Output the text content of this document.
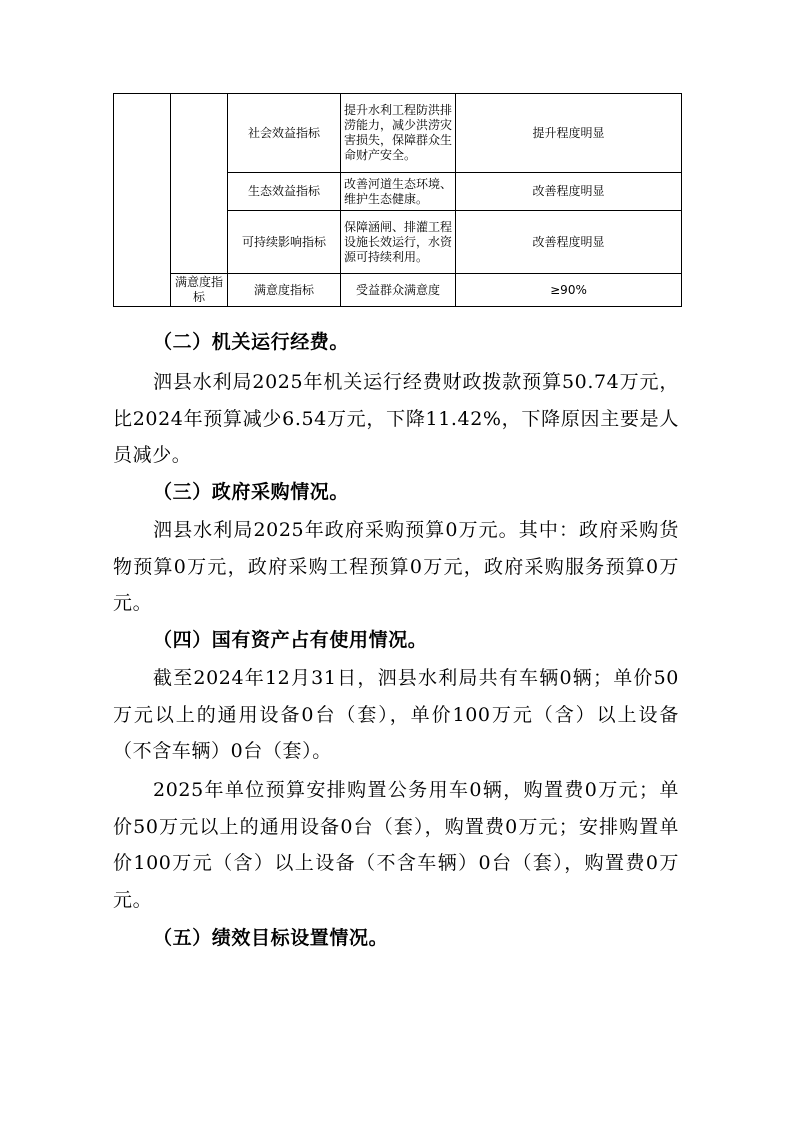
		社会效益指标	提升水利工程防洪排涝能力，减少洪涝灾害损失，保障群众生命财产安全。	提升程度明显
		生态效益指标	改善河道生态环境、维护生态健康。	改善程度明显
		可持续影响指标	保障涵闸、排灌工程设施长效运行，水资源可持续利用。	改善程度明显
	满意度指标	满意度指标	受益群众满意度	≥90%
（二）机关运行经费。

泗县水利局2025年机关运行经费财政拨款预算50.74万元，比2024年预算减少6.54万元，下降11.42%，下降原因主要是人员减少。

（三）政府采购情况。

泗县水利局2025年政府采购预算0万元。其中：政府采购货物预算0万元，政府采购工程预算0万元，政府采购服务预算0万元。

（四）国有资产占有使用情况。

截至2024年12月31日，泗县水利局共有车辆0辆；单价50万元以上的通用设备0台（套），单价100万元（含）以上设备（不含车辆）0台（套）。

2025年单位预算安排购置公务用车0辆，购置费0万元；单价50万元以上的通用设备0台（套），购置费0万元；安排购置单价100万元（含）以上设备（不含车辆）0台（套），购置费0万元。

（五）绩效目标设置情况。
